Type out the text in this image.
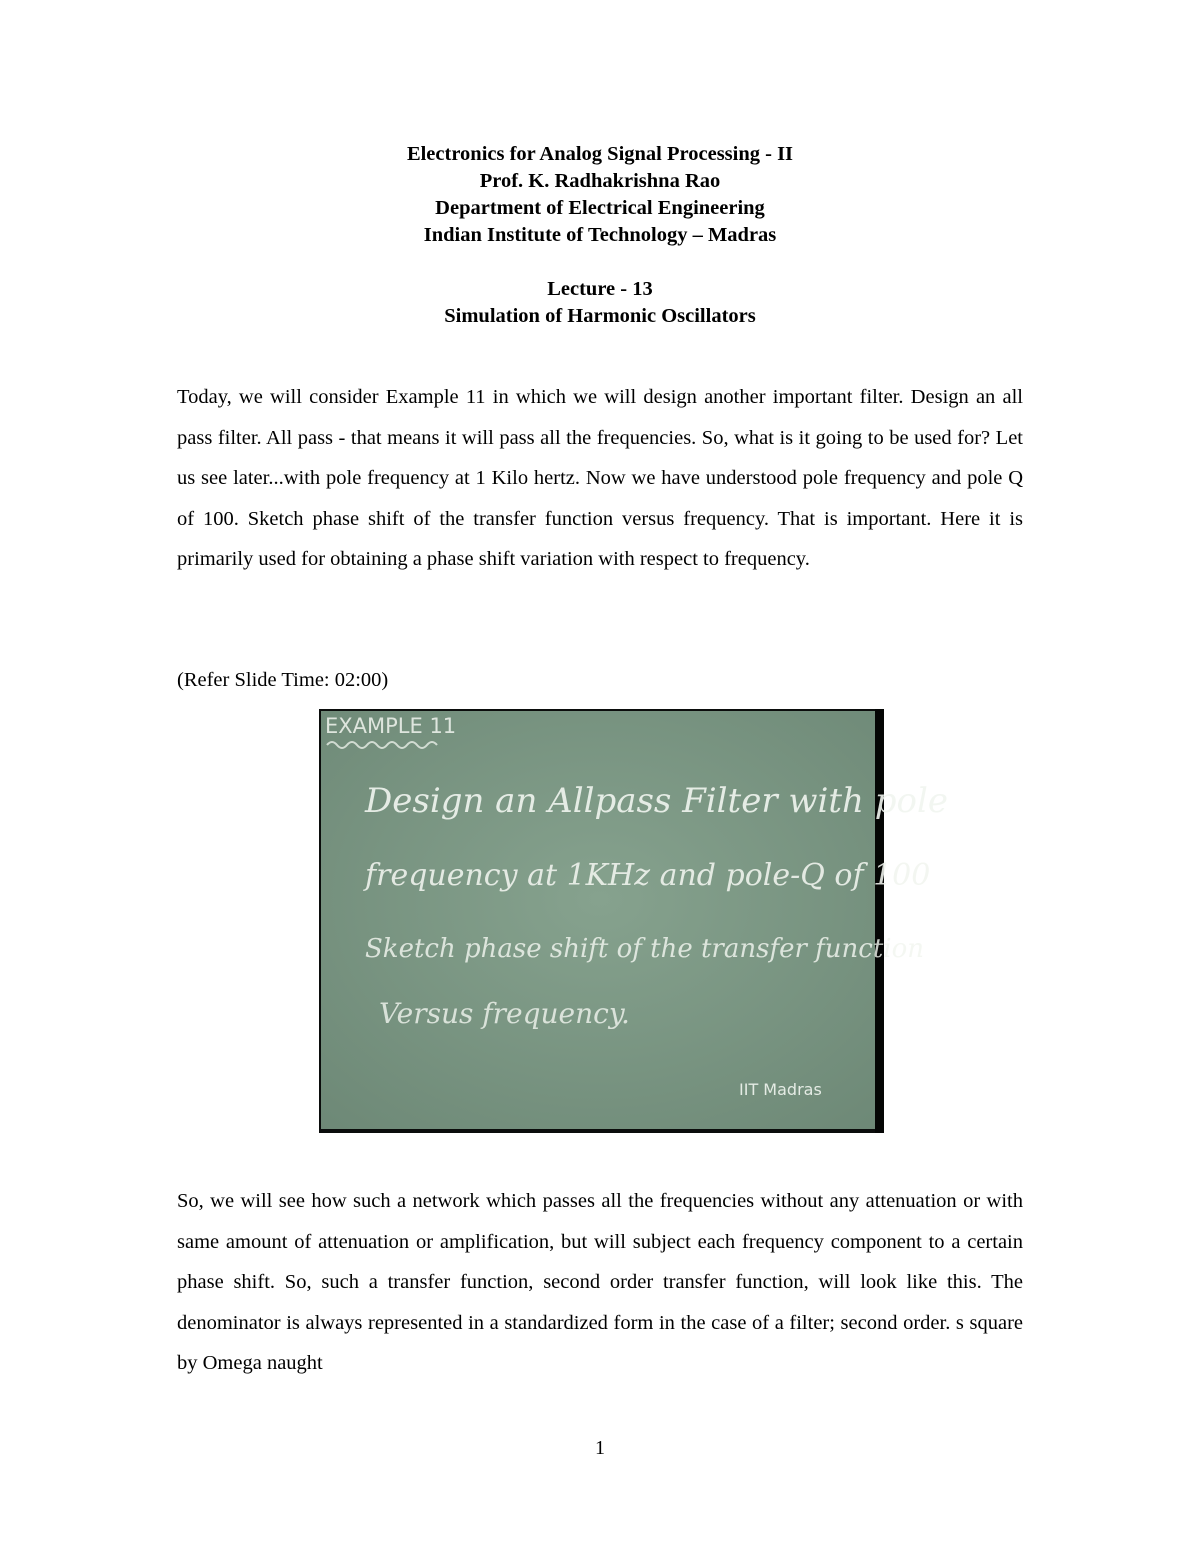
Electronics for Analog Signal Processing - II
Prof. K. Radhakrishna Rao
Department of Electrical Engineering
Indian Institute of Technology – Madras
Lecture - 13
Simulation of Harmonic Oscillators

Today, we will consider Example 11 in which we will design another important filter. Design an all pass filter. All pass - that means it will pass all the frequencies. So, what is it going to be used for? Let us see later...with pole frequency at 1 Kilo hertz. Now we have understood pole frequency and pole Q of 100. Sketch phase shift of the transfer function versus frequency. That is important. Here it is primarily used for obtaining a phase shift variation with respect to frequency.

(Refer Slide Time: 02:00)

EXAMPLE 11
Design an Allpass Filter with pole
frequency at 1KHz and pole-Q of 100
Sketch phase shift of the transfer function
Versus frequency.
IIT Madras

So, we will see how such a network which passes all the frequencies without any attenuation or with same amount of attenuation or amplification, but will subject each frequency component to a certain phase shift. So, such a transfer function, second order transfer function, will look like this. The denominator is always represented in a standardized form in the case of a filter; second order. s square by Omega naught

1
